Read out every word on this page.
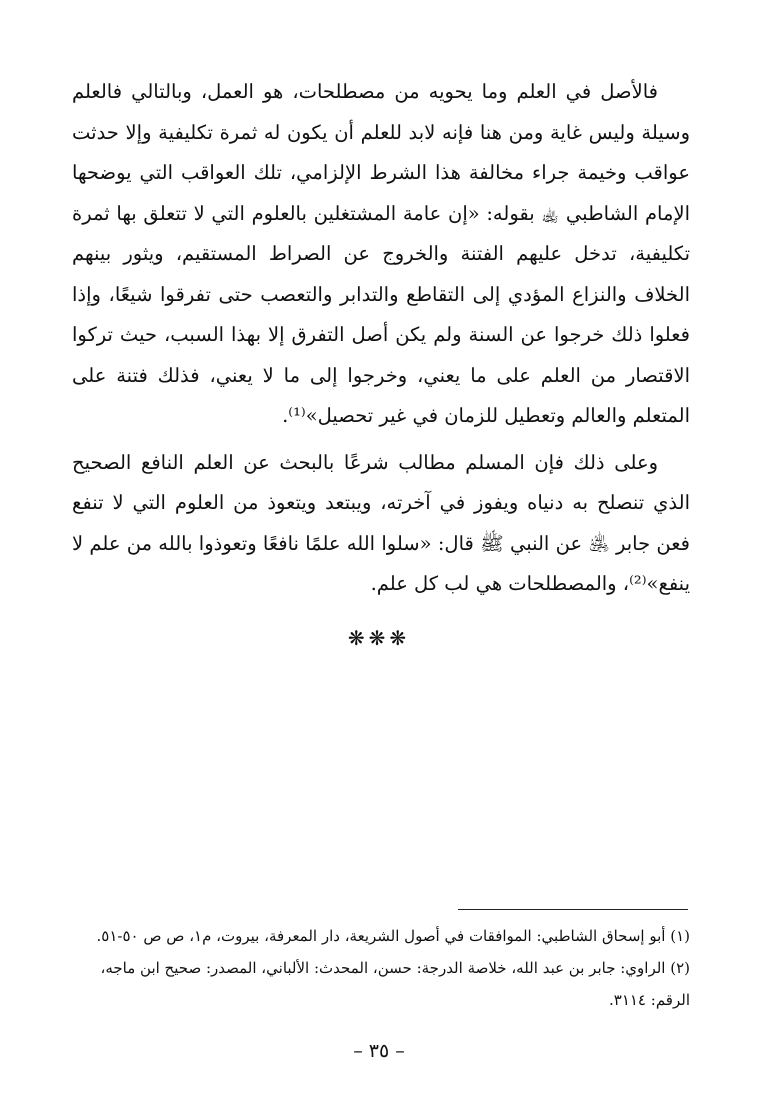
فالأصل في العلم وما يحويه من مصطلحات، هو العمل، وبالتالي فالعلم وسيلة وليس غاية ومن هنا فإنه لابد للعلم أن يكون له ثمرة تكليفية وإلا حدثت عواقب وخيمة جراء مخالفة هذا الشرط الإلزامي، تلك العواقب التي يوضحها الإمام الشاطبي ﵀ بقوله: «إن عامة المشتغلين بالعلوم التي لا تتعلق بها ثمرة تكليفية، تدخل عليهم الفتنة والخروج عن الصراط المستقيم، ويثور بينهم الخلاف والنزاع المؤدي إلى التقاطع والتدابر والتعصب حتى تفرقوا شيعًا، وإذا فعلوا ذلك خرجوا عن السنة ولم يكن أصل التفرق إلا بهذا السبب، حيث تركوا الاقتصار من العلم على ما يعني، وخرجوا إلى ما لا يعني، فذلك فتنة على المتعلم والعالم وتعطيل للزمان في غير تحصيل»⁽¹⁾.

وعلى ذلك فإن المسلم مطالب شرعًا بالبحث عن العلم النافع الصحيح الذي تنصلح به دنياه ويفوز في آخرته، ويبتعد ويتعوذ من العلوم التي لا تنفع فعن جابر ﵁ عن النبي ﷺ قال: «سلوا الله علمًا نافعًا وتعوذوا بالله من علم لا ينفع»⁽²⁾، والمصطلحات هي لب كل علم.

❋❋❋

(١) أبو إسحاق الشاطبي: الموافقات في أصول الشريعة، دار المعرفة، بيروت، م١، ص ص ٥٠-٥١.

(٢) الراوي: جابر بن عبد الله، خلاصة الدرجة: حسن، المحدث: الألباني، المصدر: صحيح ابن ماجه، الرقم: ٣١١٤.

– ٣٥ –
